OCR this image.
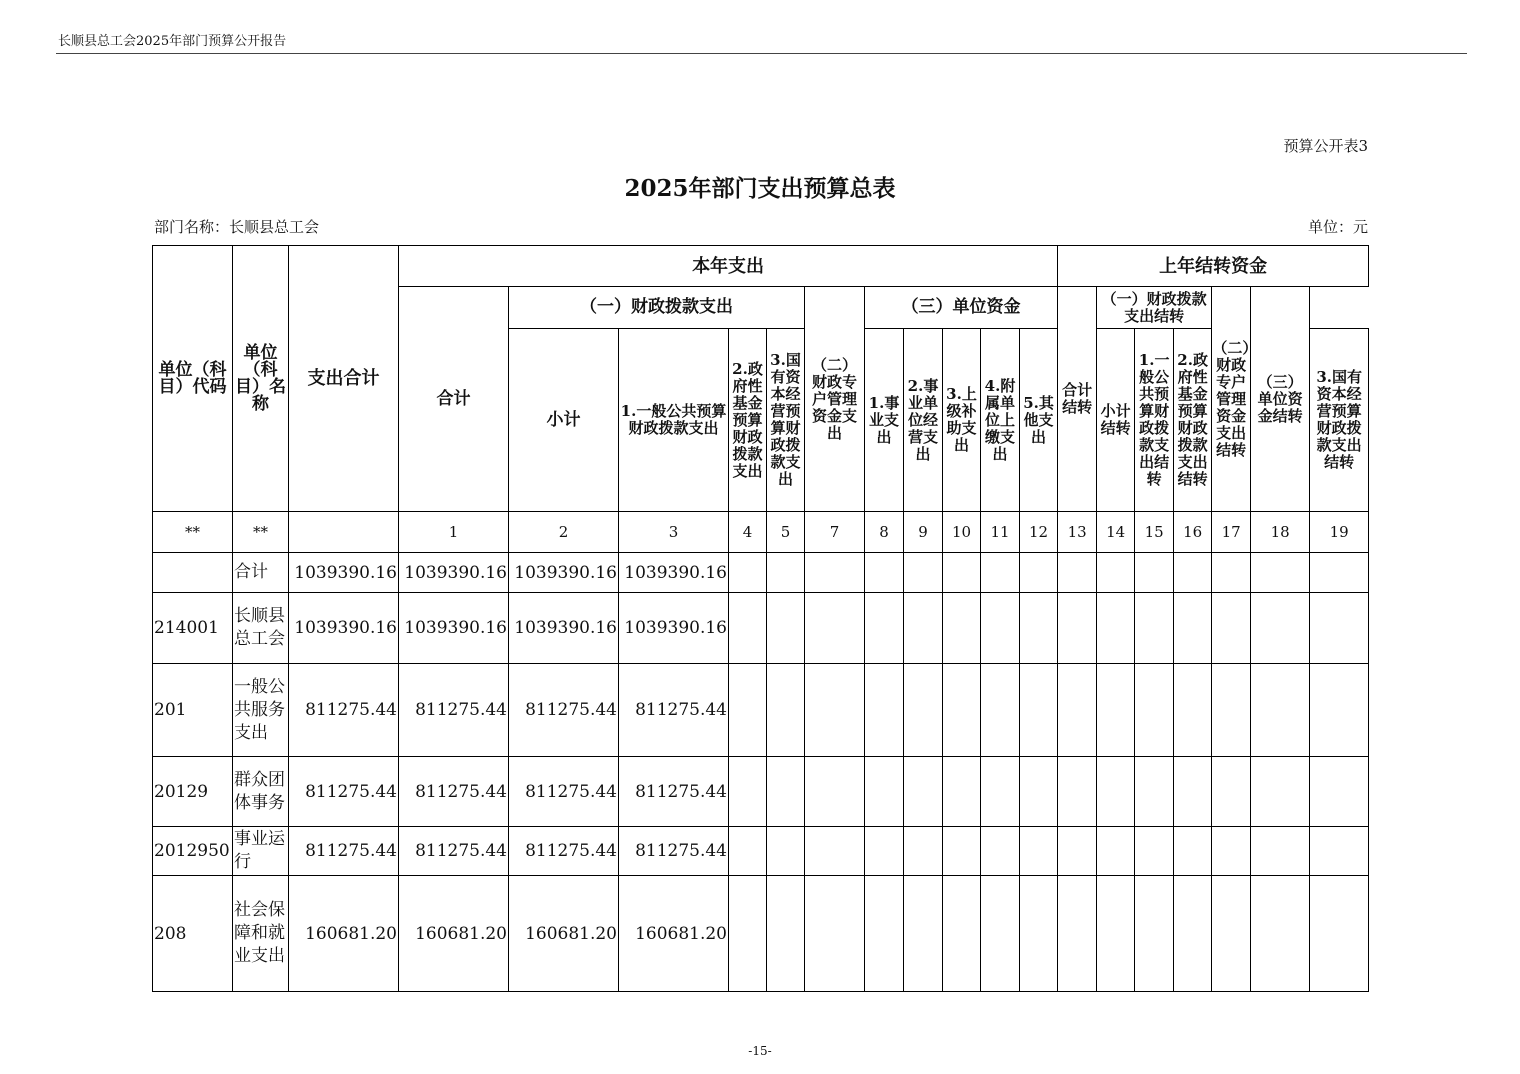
长顺县总工会2025年部门预算公开报告
预算公开表3
2025年部门支出预算总表
部门名称：长顺县总工会	单位：元
单位（科目）代码	单位（科目）名称	支出合计	本年支出											上年结转资金						
			合计	（一）财政拨款支出				（二）财政专户管理资金支出	（三）单位资金					合计结转	（一）财政拨款支出结转			（二）财政专户管理资金支出结转	（三）单位资金结转	
				小计	1.一般公共预算财政拨款支出	2.政府性基金预算财政拨款支出	3.国有资本经营预算财政拨款支出		1.事业支出	2.事业单位经营支出	3.上级补助支出	4.附属单位上缴支出	5.其他支出		小计结转	1.一般公共预算财政拨款支出结转	2.政府性基金预算财政拨款支出结转			3.国有资本经营预算财政拨款支出结转
**	**		1	2	3	4	5	7	8	9	10	11	12	13	14	15	16	17	18	19
	合计	1039390.16	1039390.16	1039390.16	1039390.16															
214001	长顺县总工会	1039390.16	1039390.16	1039390.16	1039390.16															
201	一般公共服务支出	811275.44	811275.44	811275.44	811275.44															
20129	群众团体事务	811275.44	811275.44	811275.44	811275.44															
2012950	事业运行	811275.44	811275.44	811275.44	811275.44															
208	社会保障和就业支出	160681.20	160681.20	160681.20	160681.20															
-15-
